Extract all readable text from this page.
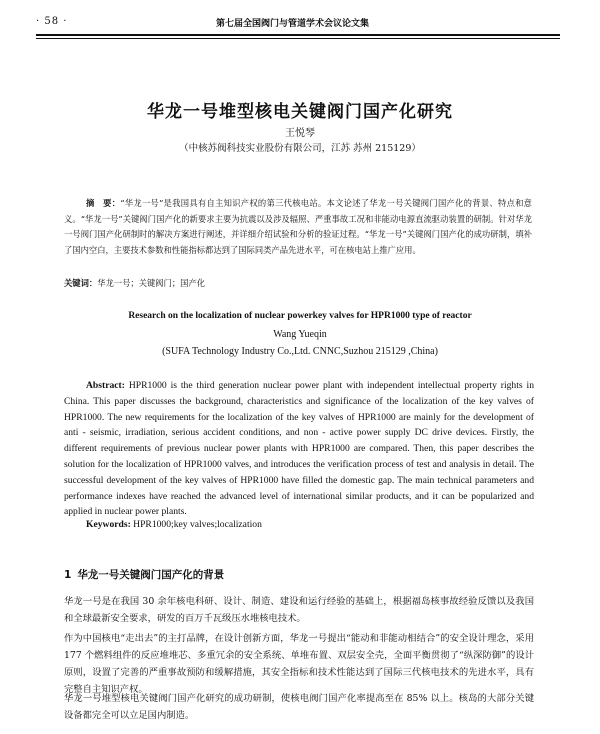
· 58 ·	第七届全国阀门与管道学术会议论文集
华龙一号堆型核电关键阀门国产化研究
王悦琴
（中核苏阀科技实业股份有限公司，江苏 苏州 215129）
摘　要：“华龙一号”是我国具有自主知识产权的第三代核电站。本文论述了华龙一号关键阀门国产化的背景、特点和意义。“华龙一号”关键阀门国产化的新要求主要为抗震以及涉及辐照、严重事故工况和非能动电源直流驱动装置的研制。针对华龙一号阀门国产化研制时的解决方案进行阐述，并详细介绍试验和分析的验证过程。“华龙一号”关键阀门国产化的成功研制，填补了国内空白，主要技术参数和性能指标都达到了国际同类产品先进水平，可在核电站上推广应用。
关键词：华龙一号；关键阀门；国产化
Research on the localization of nuclear powerkey valves for HPR1000 type of reactor
Wang Yueqin
(SUFA Technology Industry Co.,Ltd. CNNC,Suzhou 215129 ,China)
Abstract: HPR1000 is the third generation nuclear power plant with independent intellectual property rights in China. This paper discusses the background, characteristics and significance of the localization of the key valves of HPR1000. The new requirements for the localization of the key valves of HPR1000 are mainly for the development of anti - seismic, irradiation, serious accident conditions, and non - active power supply DC drive devices. Firstly, the different requirements of previous nuclear power plants with HPR1000 are compared. Then, this paper describes the solution for the localization of HPR1000 valves, and introduces the verification process of test and analysis in detail. The successful development of the key valves of HPR1000 have filled the domestic gap. The main technical parameters and performance indexes have reached the advanced level of international similar products, and it can be popularized and applied in nuclear power plants.
Keywords: HPR1000;key valves;localization
1 华龙一号关键阀门国产化的背景
华龙一号是在我国 30 余年核电科研、设计、制造、建设和运行经验的基础上，根据福岛核事故经验反馈以及我国和全球最新安全要求，研发的百万千瓦级压水堆核电技术。
作为中国核电“走出去”的主打品牌，在设计创新方面，华龙一号提出“能动和非能动相结合”的安全设计理念，采用 177 个燃料组件的反应堆堆芯、多重冗余的安全系统、单堆布置、双层安全壳，全面平衡贯彻了“纵深防御”的设计原则，设置了完善的严重事故预防和缓解措施，其安全指标和技术性能达到了国际三代核电技术的先进水平，具有完整自主知识产权。
华龙一号堆型核电关键阀门国产化研究的成功研制，使核电阀门国产化率提高至在 85% 以上。核岛的大部分关键设备都完全可以立足国内制造。
